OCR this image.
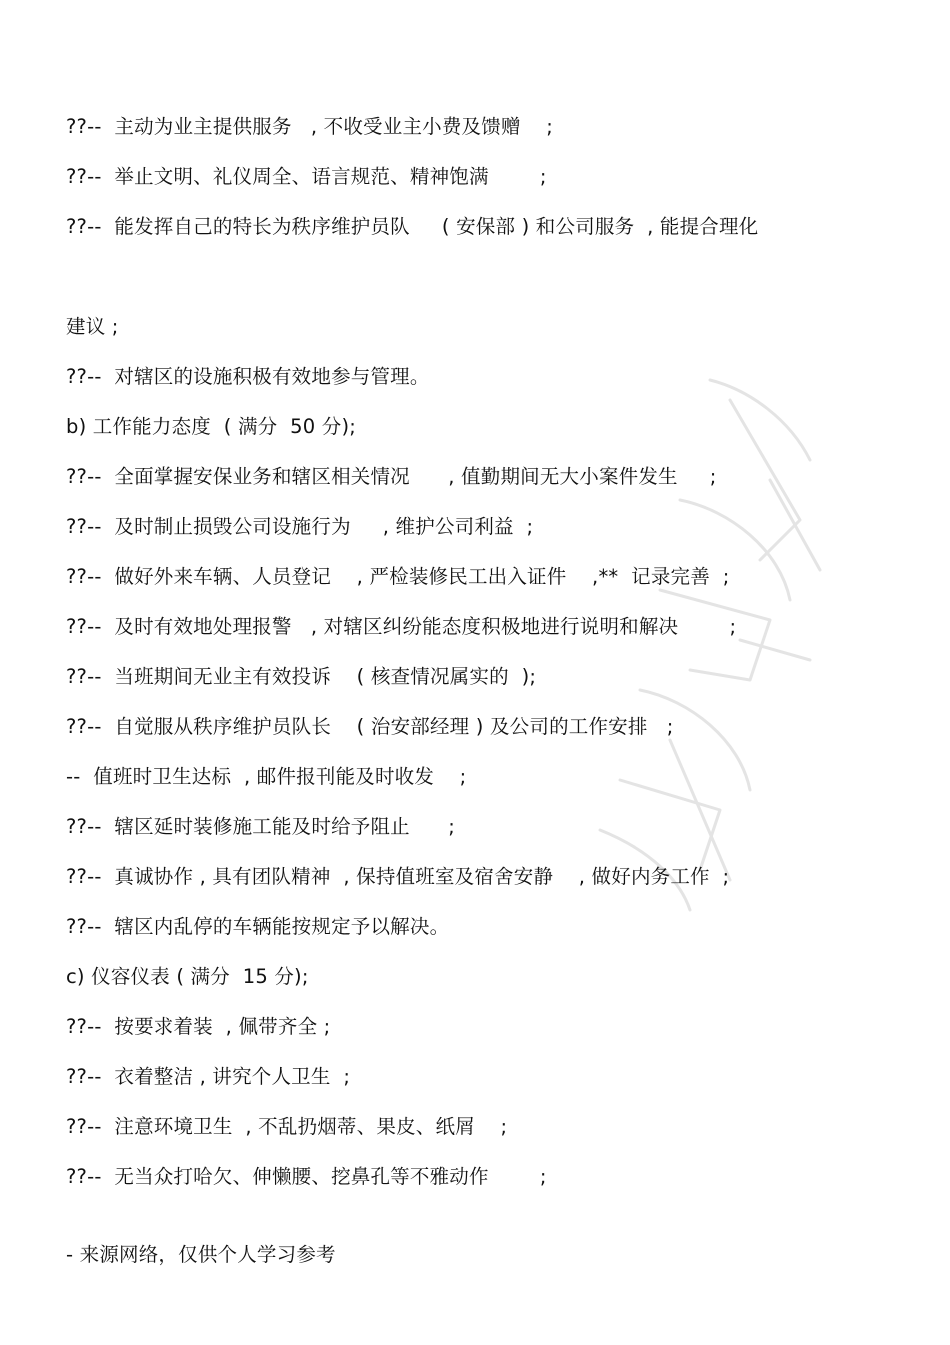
??--  主动为业主提供服务   , 不收受业主小费及馈赠    ;
??--  举止文明、礼仪周全、语言规范、精神饱满        ;
??--  能发挥自己的特长为秩序维护员队     ( 安保部 ) 和公司服务  , 能提合理化
建议 ;
??--  对辖区的设施积极有效地参与管理。
b) 工作能力态度  ( 满分  50 分);
??--  全面掌握安保业务和辖区相关情况      , 值勤期间无大小案件发生     ;
??--  及时制止损毁公司设施行为     , 维护公司利益  ;
??--  做好外来车辆、人员登记    , 严检装修民工出入证件    ,**  记录完善  ;
??--  及时有效地处理报警   , 对辖区纠纷能态度积极地进行说明和解决        ;
??--  当班期间无业主有效投诉    ( 核查情况属实的  );
??--  自觉服从秩序维护员队长    ( 治安部经理 ) 及公司的工作安排   ;
--  值班时卫生达标  , 邮件报刊能及时收发    ;
??--  辖区延时装修施工能及时给予阻止      ;
??--  真诚协作 , 具有团队精神  , 保持值班室及宿舍安静    , 做好内务工作  ;
??--  辖区内乱停的车辆能按规定予以解决。
c) 仪容仪表 ( 满分  15 分);
??--  按要求着装  , 佩带齐全 ;
??--  衣着整洁 , 讲究个人卫生  ;
??--  注意环境卫生  , 不乱扔烟蒂、果皮、纸屑    ;
??--  无当众打哈欠、伸懒腰、挖鼻孔等不雅动作        ;
- 来源网络，仅供个人学习参考
